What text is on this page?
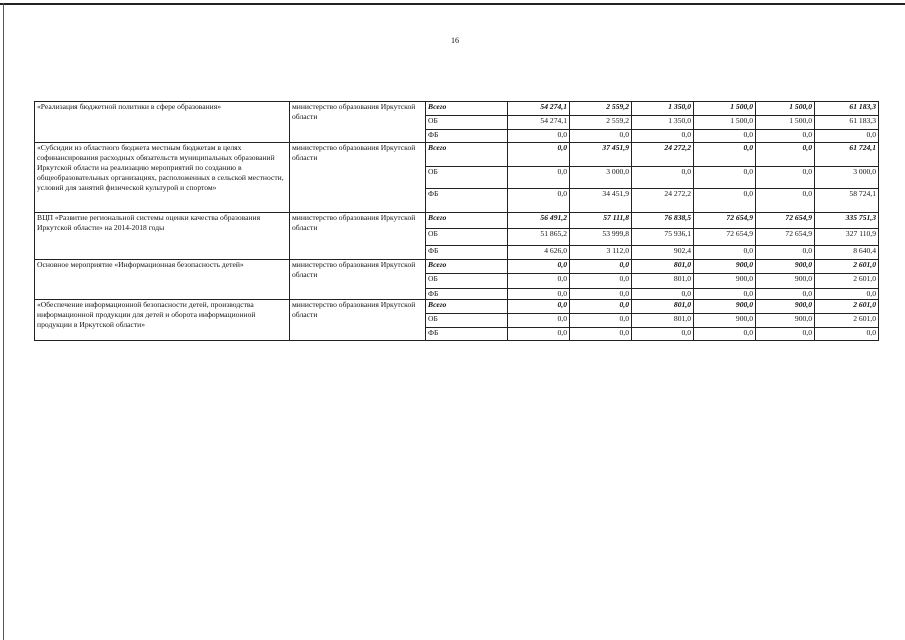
16
«Реализация бюджетной политики в сфере образования»	министерство образования Иркутской области	Всего	54 274,1	2 559,2	1 350,0	1 500,0	1 500,0	61 183,3
		ОБ	54 274,1	2 559,2	1 350,0	1 500,0	1 500,0	61 183,3
		ФБ	0,0	0,0	0,0	0,0	0,0	0,0
«Субсидии из областного бюджета местным бюджетам в целях софинансирования расходных обязательств муниципальных образований Иркутской области на реализацию мероприятий по созданию в общеобразовательных организациях, расположенных в сельской местности, условий для занятий физической культурой и спортом»	министерство образования Иркутской области	Всего	0,0	37 451,9	24 272,2	0,0	0,0	61 724,1
		ОБ	0,0	3 000,0	0,0	0,0	0,0	3 000,0
		ФБ	0,0	34 451,9	24 272,2	0,0	0,0	58 724,1
ВЦП «Развитие региональной системы оценки качества образования Иркутской области» на 2014-2018 годы	министерство образования Иркутской области	Всего	56 491,2	57 111,8	76 838,5	72 654,9	72 654,9	335 751,3
		ОБ	51 865,2	53 999,8	75 936,1	72 654,9	72 654,9	327 110,9
		ФБ	4 626,0	3 112,0	902,4	0,0	0,0	8 640,4
Основное мероприятие «Информационная безопасность детей»	министерство образования Иркутской области	Всего	0,0	0,0	801,0	900,0	900,0	2 601,0
		ОБ	0,0	0,0	801,0	900,0	900,0	2 601,0
		ФБ	0,0	0,0	0,0	0,0	0,0	0,0
«Обеспечение информационной безопасности детей, производства информационной продукции для детей и оборота информационной продукции в Иркутской области»	министерство образования Иркутской области	Всего	0,0	0,0	801,0	900,0	900,0	2 601,0
		ОБ	0,0	0,0	801,0	900,0	900,0	2 601,0
		ФБ	0,0	0,0	0,0	0,0	0,0	0,0
